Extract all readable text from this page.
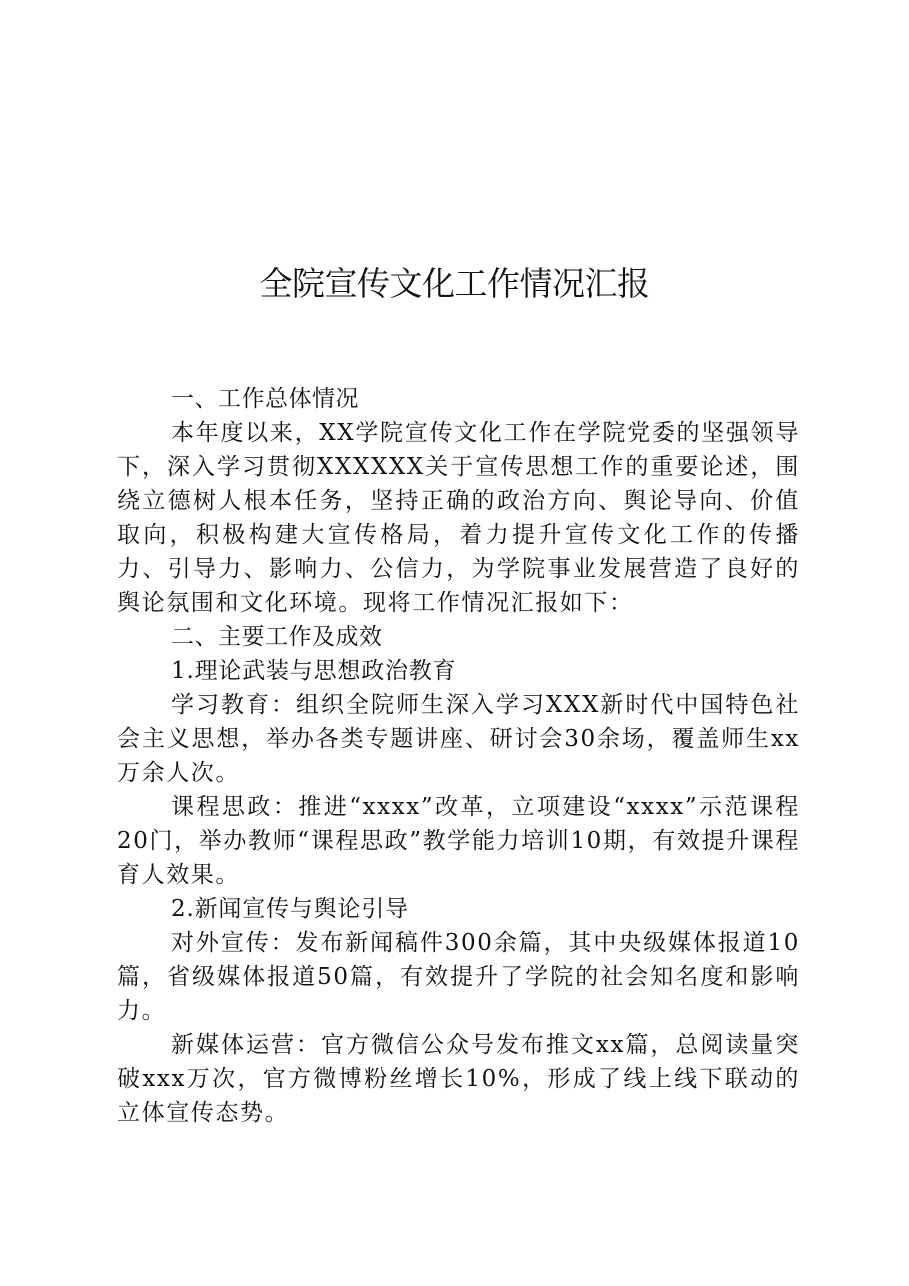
全院宣传文化工作情况汇报

一、工作总体情况

本年度以来，XX学院宣传文化工作在学院党委的坚强领导下，深入学习贯彻XXXXXX关于宣传思想工作的重要论述，围绕立德树人根本任务，坚持正确的政治方向、舆论导向、价值取向，积极构建大宣传格局，着力提升宣传文化工作的传播力、引导力、影响力、公信力，为学院事业发展营造了良好的舆论氛围和文化环境。现将工作情况汇报如下：

二、主要工作及成效

1.理论武装与思想政治教育

学习教育：组织全院师生深入学习XXX新时代中国特色社会主义思想，举办各类专题讲座、研讨会30余场，覆盖师生xx万余人次。

课程思政：推进“xxxx”改革，立项建设“xxxx”示范课程20门，举办教师“课程思政”教学能力培训10期，有效提升课程育人效果。

2.新闻宣传与舆论引导

对外宣传：发布新闻稿件300余篇，其中央级媒体报道10篇，省级媒体报道50篇，有效提升了学院的社会知名度和影响力。

新媒体运营：官方微信公众号发布推文xx篇，总阅读量突破xxx万次，官方微博粉丝增长10%，形成了线上线下联动的立体宣传态势。
